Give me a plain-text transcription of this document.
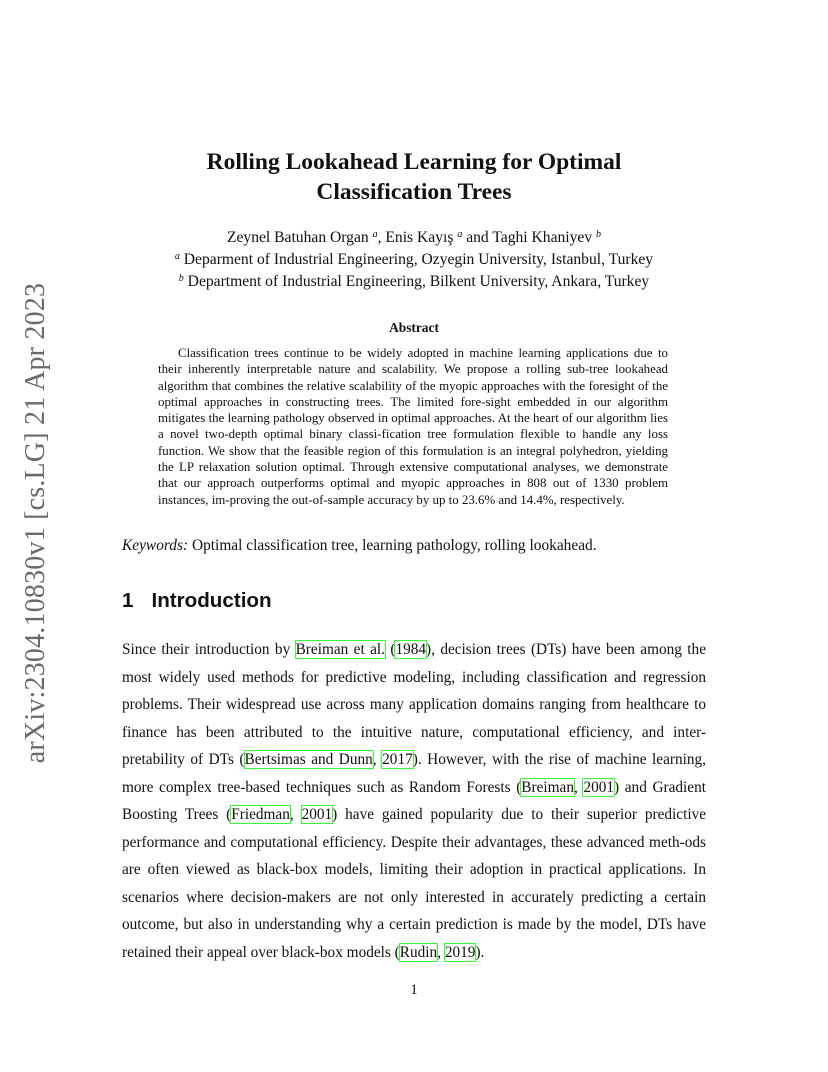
arXiv:2304.10830v1 [cs.LG] 21 Apr 2023
Rolling Lookahead Learning for Optimal
Classification Trees
Zeynel Batuhan Organ $^a$, Enis Kayış $^a$ and Taghi Khaniyev $^b$
$^a$ Deparment of Industrial Engineering, Ozyegin University, Istanbul, Turkey
$^b$ Department of Industrial Engineering, Bilkent University, Ankara, Turkey
Abstract

Classification trees continue to be widely adopted in machine learning applications due to their inherently interpretable nature and scalability. We propose a rolling sub-tree lookahead algorithm that combines the relative scalability of the myopic approaches with the foresight of the optimal approaches in constructing trees. The limited fore-sight embedded in our algorithm mitigates the learning pathology observed in optimal approaches. At the heart of our algorithm lies a novel two-depth optimal binary classi-fication tree formulation flexible to handle any loss function. We show that the feasible region of this formulation is an integral polyhedron, yielding the LP relaxation solution optimal. Through extensive computational analyses, we demonstrate that our approach outperforms optimal and myopic approaches in 808 out of 1330 problem instances, im-proving the out-of-sample accuracy by up to 23.6% and 14.4%, respectively.

Keywords: Optimal classification tree, learning pathology, rolling lookahead.

1 Introduction

Since their introduction by Breiman et al. (1984), decision trees (DTs) have been among the most widely used methods for predictive modeling, including classification and regression problems. Their widespread use across many application domains ranging from healthcare to finance has been attributed to the intuitive nature, computational efficiency, and inter-pretability of DTs (Bertsimas and Dunn, 2017). However, with the rise of machine learning, more complex tree-based techniques such as Random Forests (Breiman, 2001) and Gradient Boosting Trees (Friedman, 2001) have gained popularity due to their superior predictive performance and computational efficiency. Despite their advantages, these advanced meth-ods are often viewed as black-box models, limiting their adoption in practical applications. In scenarios where decision-makers are not only interested in accurately predicting a certain outcome, but also in understanding why a certain prediction is made by the model, DTs have retained their appeal over black-box models (Rudin, 2019).

1
